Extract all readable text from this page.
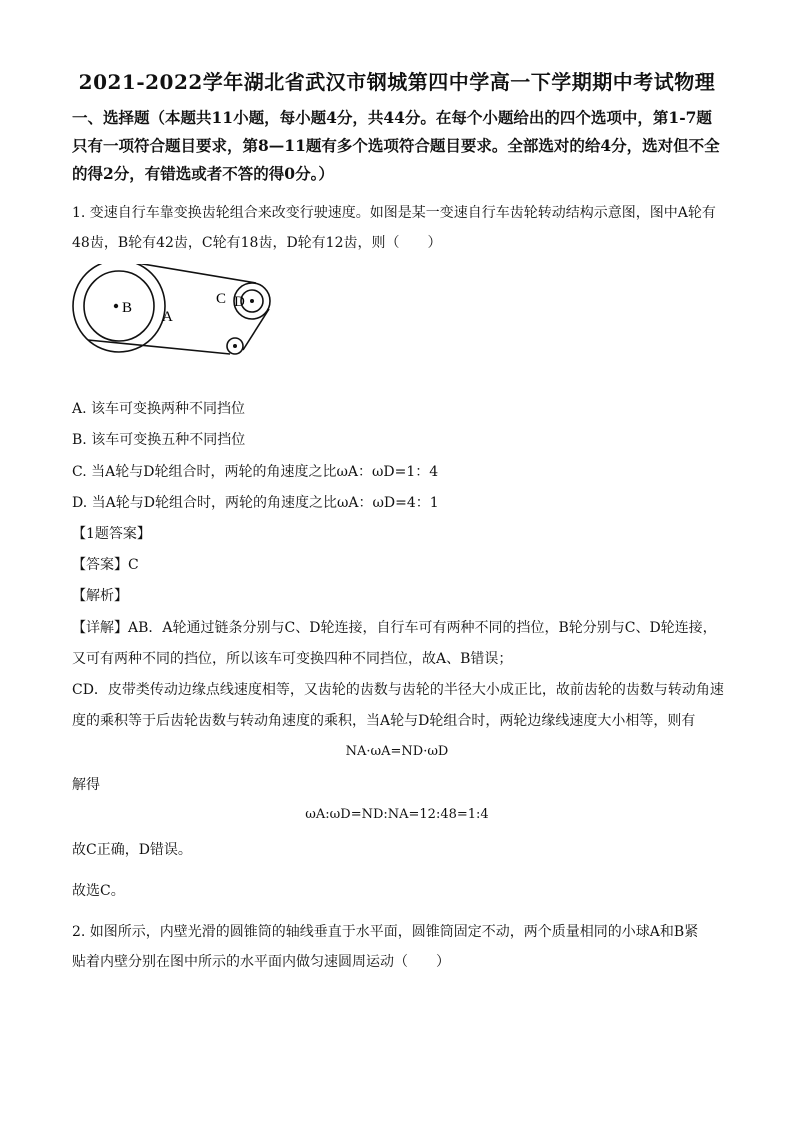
2021-2022学年湖北省武汉市钢城第四中学高一下学期期中考试物理
一、选择题（本题共11小题，每小题4分，共44分。在每个小题给出的四个选项中，第1-7题只有一项符合题目要求，第8—11题有多个选项符合题目要求。全部选对的给4分，选对但不全的得2分，有错选或者不答的得0分。）
1. 变速自行车靠变换齿轮组合来改变行驶速度。如图是某一变速自行车齿轮转动结构示意图，图中A轮有
48齿，B轮有42齿，C轮有18齿，D轮有12齿，则（　　）
B
A
C D
A. 该车可变换两种不同挡位
B. 该车可变换五种不同挡位
C. 当A轮与D轮组合时，两轮的角速度之比ωA：ωD=1：4
D. 当A轮与D轮组合时，两轮的角速度之比ωA：ωD=4：1
【1题答案】
【答案】C
【解析】
【详解】AB．A轮通过链条分别与C、D轮连接，自行车可有两种不同的挡位，B轮分别与C、D轮连接，
又可有两种不同的挡位，所以该车可变换四种不同挡位，故A、B错误；
CD．皮带类传动边缘点线速度相等，又齿轮的齿数与齿轮的半径大小成正比，故前齿轮的齿数与转动角速
度的乘积等于后齿轮齿数与转动角速度的乘积，当A轮与D轮组合时，两轮边缘线速度大小相等，则有
NA·ωA=ND·ωD
解得
ωA:ωD=ND:NA=12:48=1:4
故C正确，D错误。
故选C。
2. 如图所示，内壁光滑的圆锥筒的轴线垂直于水平面，圆锥筒固定不动，两个质量相同的小球A和B紧
贴着内壁分别在图中所示的水平面内做匀速圆周运动（　　）
